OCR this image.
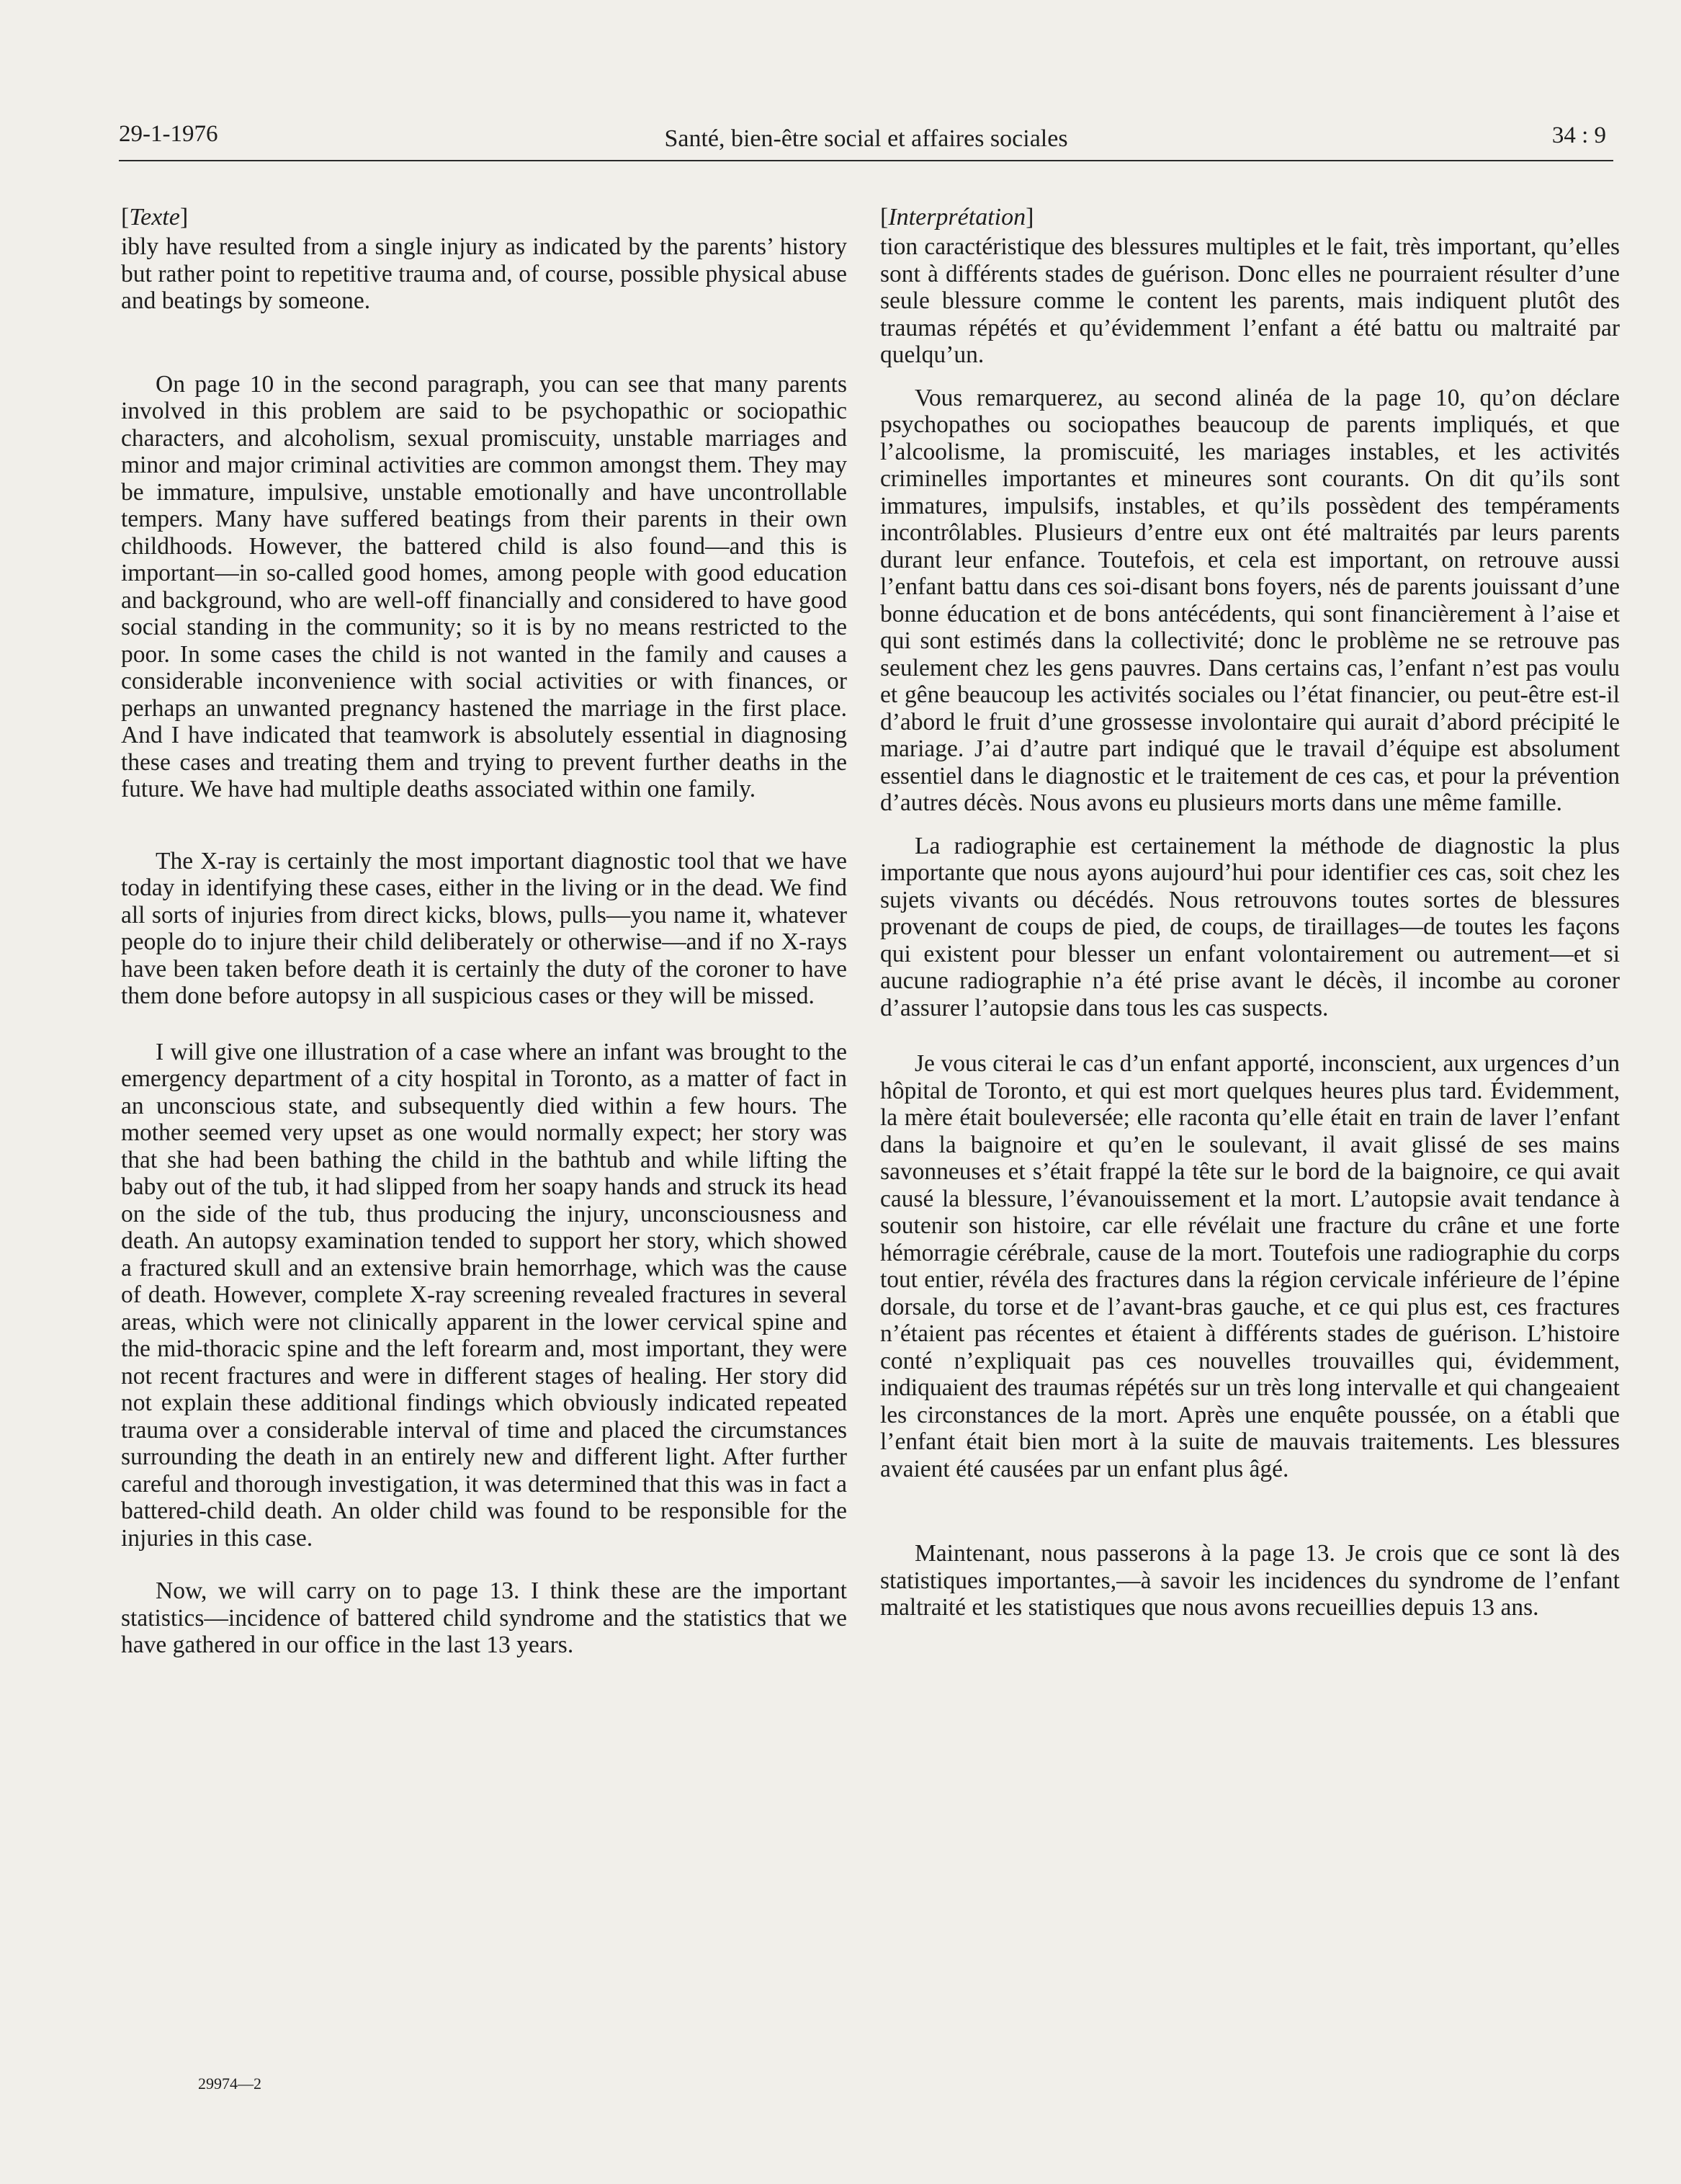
29-1-1976	Santé, bien-être social et affaires sociales	34 : 9
[Texte]

ibly have resulted from a single injury as indicated by the parents’ history but rather point to repetitive trauma and, of course, possible physical abuse and beatings by someone.

On page 10 in the second paragraph, you can see that many parents involved in this problem are said to be psychopathic or sociopathic characters, and alcoholism, sexual promiscuity, unstable marriages and minor and major criminal activities are common amongst them. They may be immature, impulsive, unstable emotionally and have uncontrollable tempers. Many have suffered beatings from their parents in their own childhoods. However, the battered child is also found—and this is important—in so-called good homes, among people with good education and background, who are well-off financially and considered to have good social standing in the community; so it is by no means restricted to the poor. In some cases the child is not wanted in the family and causes a considerable inconvenience with social activities or with finances, or perhaps an unwanted pregnancy hastened the marriage in the first place. And I have indicated that teamwork is absolutely essential in diagnosing these cases and treating them and trying to prevent further deaths in the future. We have had multiple deaths associated within one family.

The X-ray is certainly the most important diagnostic tool that we have today in identifying these cases, either in the living or in the dead. We find all sorts of injuries from direct kicks, blows, pulls—you name it, whatever people do to injure their child deliberately or otherwise—and if no X-rays have been taken before death it is certainly the duty of the coroner to have them done before autopsy in all suspicious cases or they will be missed.

I will give one illustration of a case where an infant was brought to the emergency department of a city hospital in Toronto, as a matter of fact in an unconscious state, and subsequently died within a few hours. The mother seemed very upset as one would normally expect; her story was that she had been bathing the child in the bathtub and while lifting the baby out of the tub, it had slipped from her soapy hands and struck its head on the side of the tub, thus producing the injury, unconsciousness and death. An autopsy examination tended to support her story, which showed a fractured skull and an extensive brain hemorrhage, which was the cause of death. However, complete X-ray screening revealed fractures in several areas, which were not clinically apparent in the lower cervical spine and the mid-thoracic spine and the left forearm and, most important, they were not recent fractures and were in different stages of healing. Her story did not explain these additional findings which obviously indicated repeated trauma over a considerable interval of time and placed the circumstances surrounding the death in an entirely new and different light. After further careful and thorough investigation, it was determined that this was in fact a battered-child death. An older child was found to be responsible for the injuries in this case.

Now, we will carry on to page 13. I think these are the important statistics—incidence of battered child syndrome and the statistics that we have gathered in our office in the last 13 years.

[Interprétation]

tion caractéristique des blessures multiples et le fait, très important, qu’elles sont à différents stades de guérison. Donc elles ne pourraient résulter d’une seule blessure comme le content les parents, mais indiquent plutôt des traumas répétés et qu’évidemment l’enfant a été battu ou maltraité par quelqu’un.

Vous remarquerez, au second alinéa de la page 10, qu’on déclare psychopathes ou sociopathes beaucoup de parents impliqués, et que l’alcoolisme, la promiscuité, les mariages instables, et les activités criminelles importantes et mineures sont courants. On dit qu’ils sont immatures, impulsifs, instables, et qu’ils possèdent des tempéraments incontrôlables. Plusieurs d’entre eux ont été maltraités par leurs parents durant leur enfance. Toutefois, et cela est important, on retrouve aussi l’enfant battu dans ces soi-disant bons foyers, nés de parents jouissant d’une bonne éducation et de bons antécédents, qui sont financièrement à l’aise et qui sont estimés dans la collectivité; donc le problème ne se retrouve pas seulement chez les gens pauvres. Dans certains cas, l’enfant n’est pas voulu et gêne beaucoup les activités sociales ou l’état financier, ou peut-être est-il d’abord le fruit d’une grossesse involontaire qui aurait d’abord précipité le mariage. J’ai d’autre part indiqué que le travail d’équipe est absolument essentiel dans le diagnostic et le traitement de ces cas, et pour la prévention d’autres décès. Nous avons eu plusieurs morts dans une même famille.

La radiographie est certainement la méthode de diagnostic la plus importante que nous ayons aujourd’hui pour identifier ces cas, soit chez les sujets vivants ou décédés. Nous retrouvons toutes sortes de blessures provenant de coups de pied, de coups, de tiraillages—de toutes les façons qui existent pour blesser un enfant volontairement ou autrement—et si aucune radiographie n’a été prise avant le décès, il incombe au coroner d’assurer l’autopsie dans tous les cas suspects.

Je vous citerai le cas d’un enfant apporté, inconscient, aux urgences d’un hôpital de Toronto, et qui est mort quelques heures plus tard. Évidemment, la mère était bouleversée; elle raconta qu’elle était en train de laver l’enfant dans la baignoire et qu’en le soulevant, il avait glissé de ses mains savonneuses et s’était frappé la tête sur le bord de la baignoire, ce qui avait causé la blessure, l’évanouissement et la mort. L’autopsie avait tendance à soutenir son histoire, car elle révélait une fracture du crâne et une forte hémorragie cérébrale, cause de la mort. Toutefois une radiographie du corps tout entier, révéla des fractures dans la région cervicale inférieure de l’épine dorsale, du torse et de l’avant-bras gauche, et ce qui plus est, ces fractures n’étaient pas récentes et étaient à différents stades de guérison. L’histoire conté n’expliquait pas ces nouvelles trouvailles qui, évidemment, indiquaient des traumas répétés sur un très long intervalle et qui changeaient les circonstances de la mort. Après une enquête poussée, on a établi que l’enfant était bien mort à la suite de mauvais traitements. Les blessures avaient été causées par un enfant plus âgé.

Maintenant, nous passerons à la page 13. Je crois que ce sont là des statistiques importantes,—à savoir les incidences du syndrome de l’enfant maltraité et les statistiques que nous avons recueillies depuis 13 ans.

29974—2
